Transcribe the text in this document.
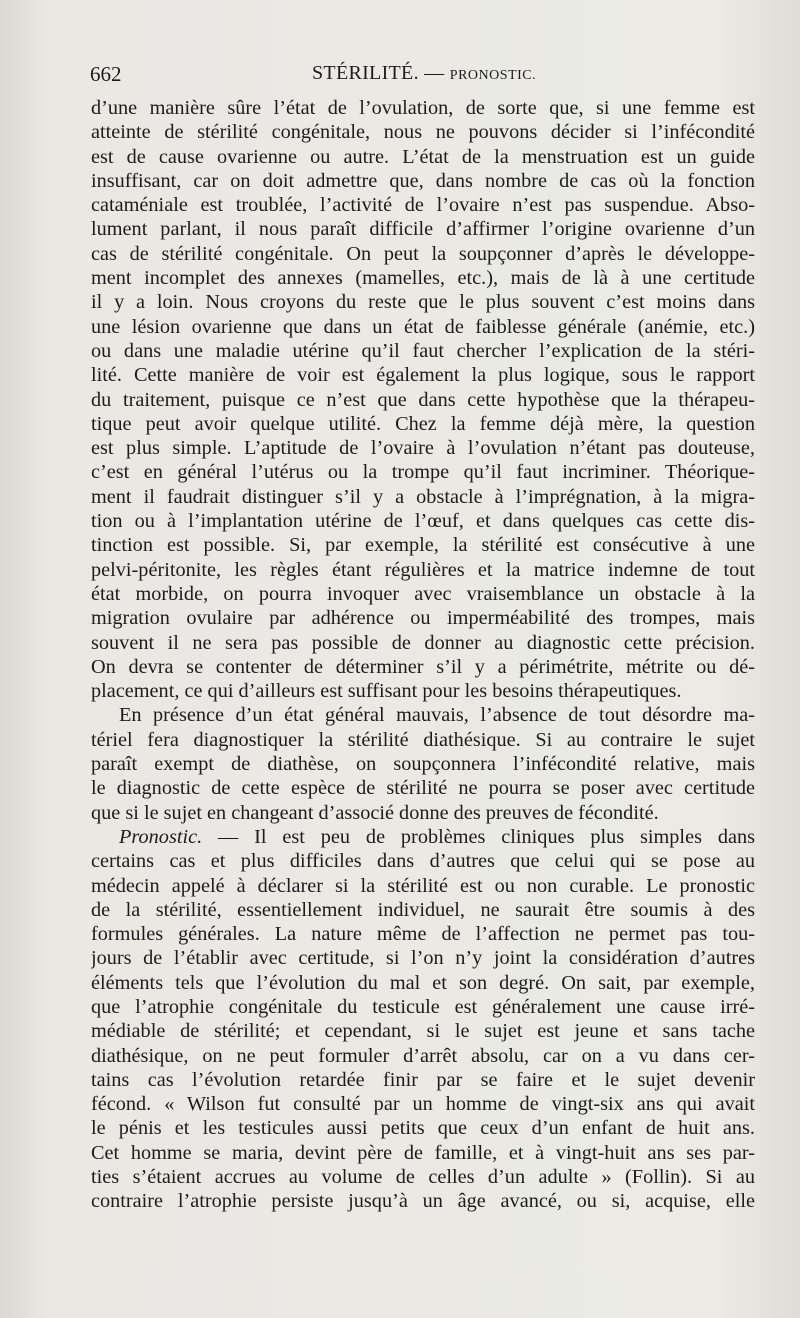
662	STÉRILITÉ. — PRONOSTIC.
d’une manière sûre l’état de l’ovulation, de sorte que, si une femme est
atteinte de stérilité congénitale, nous ne pouvons décider si l’infécondité
est de cause ovarienne ou autre. L’état de la menstruation est un guide
insuffisant, car on doit admettre que, dans nombre de cas où la fonction
cataméniale est troublée, l’activité de l’ovaire n’est pas suspendue. Abso-
lument parlant, il nous paraît difficile d’affirmer l’origine ovarienne d’un
cas de stérilité congénitale. On peut la soupçonner d’après le développe-
ment incomplet des annexes (mamelles, etc.), mais de là à une certitude
il y a loin. Nous croyons du reste que le plus souvent c’est moins dans
une lésion ovarienne que dans un état de faiblesse générale (anémie, etc.)
ou dans une maladie utérine qu’il faut chercher l’explication de la stéri-
lité. Cette manière de voir est également la plus logique, sous le rapport
du traitement, puisque ce n’est que dans cette hypothèse que la thérapeu-
tique peut avoir quelque utilité. Chez la femme déjà mère, la question
est plus simple. L’aptitude de l’ovaire à l’ovulation n’étant pas douteuse,
c’est en général l’utérus ou la trompe qu’il faut incriminer. Théorique-
ment il faudrait distinguer s’il y a obstacle à l’imprégnation, à la migra-
tion ou à l’implantation utérine de l’œuf, et dans quelques cas cette dis-
tinction est possible. Si, par exemple, la stérilité est consécutive à une
pelvi-péritonite, les règles étant régulières et la matrice indemne de tout
état morbide, on pourra invoquer avec vraisemblance un obstacle à la
migration ovulaire par adhérence ou imperméabilité des trompes, mais
souvent il ne sera pas possible de donner au diagnostic cette précision.
On devra se contenter de déterminer s’il y a périmétrite, métrite ou dé-
placement, ce qui d’ailleurs est suffisant pour les besoins thérapeutiques.
En présence d’un état général mauvais, l’absence de tout désordre ma-
tériel fera diagnostiquer la stérilité diathésique. Si au contraire le sujet
paraît exempt de diathèse, on soupçonnera l’infécondité relative, mais
le diagnostic de cette espèce de stérilité ne pourra se poser avec certitude
que si le sujet en changeant d’associé donne des preuves de fécondité.
Pronostic. — Il est peu de problèmes cliniques plus simples dans
certains cas et plus difficiles dans d’autres que celui qui se pose au
médecin appelé à déclarer si la stérilité est ou non curable. Le pronostic
de la stérilité, essentiellement individuel, ne saurait être soumis à des
formules générales. La nature même de l’affection ne permet pas tou-
jours de l’établir avec certitude, si l’on n’y joint la considération d’autres
éléments tels que l’évolution du mal et son degré. On sait, par exemple,
que l’atrophie congénitale du testicule est généralement une cause irré-
médiable de stérilité; et cependant, si le sujet est jeune et sans tache
diathésique, on ne peut formuler d’arrêt absolu, car on a vu dans cer-
tains cas l’évolution retardée finir par se faire et le sujet devenir
fécond. « Wilson fut consulté par un homme de vingt-six ans qui avait
le pénis et les testicules aussi petits que ceux d’un enfant de huit ans.
Cet homme se maria, devint père de famille, et à vingt-huit ans ses par-
ties s’étaient accrues au volume de celles d’un adulte » (Follin). Si au
contraire l’atrophie persiste jusqu’à un âge avancé, ou si, acquise, elle
